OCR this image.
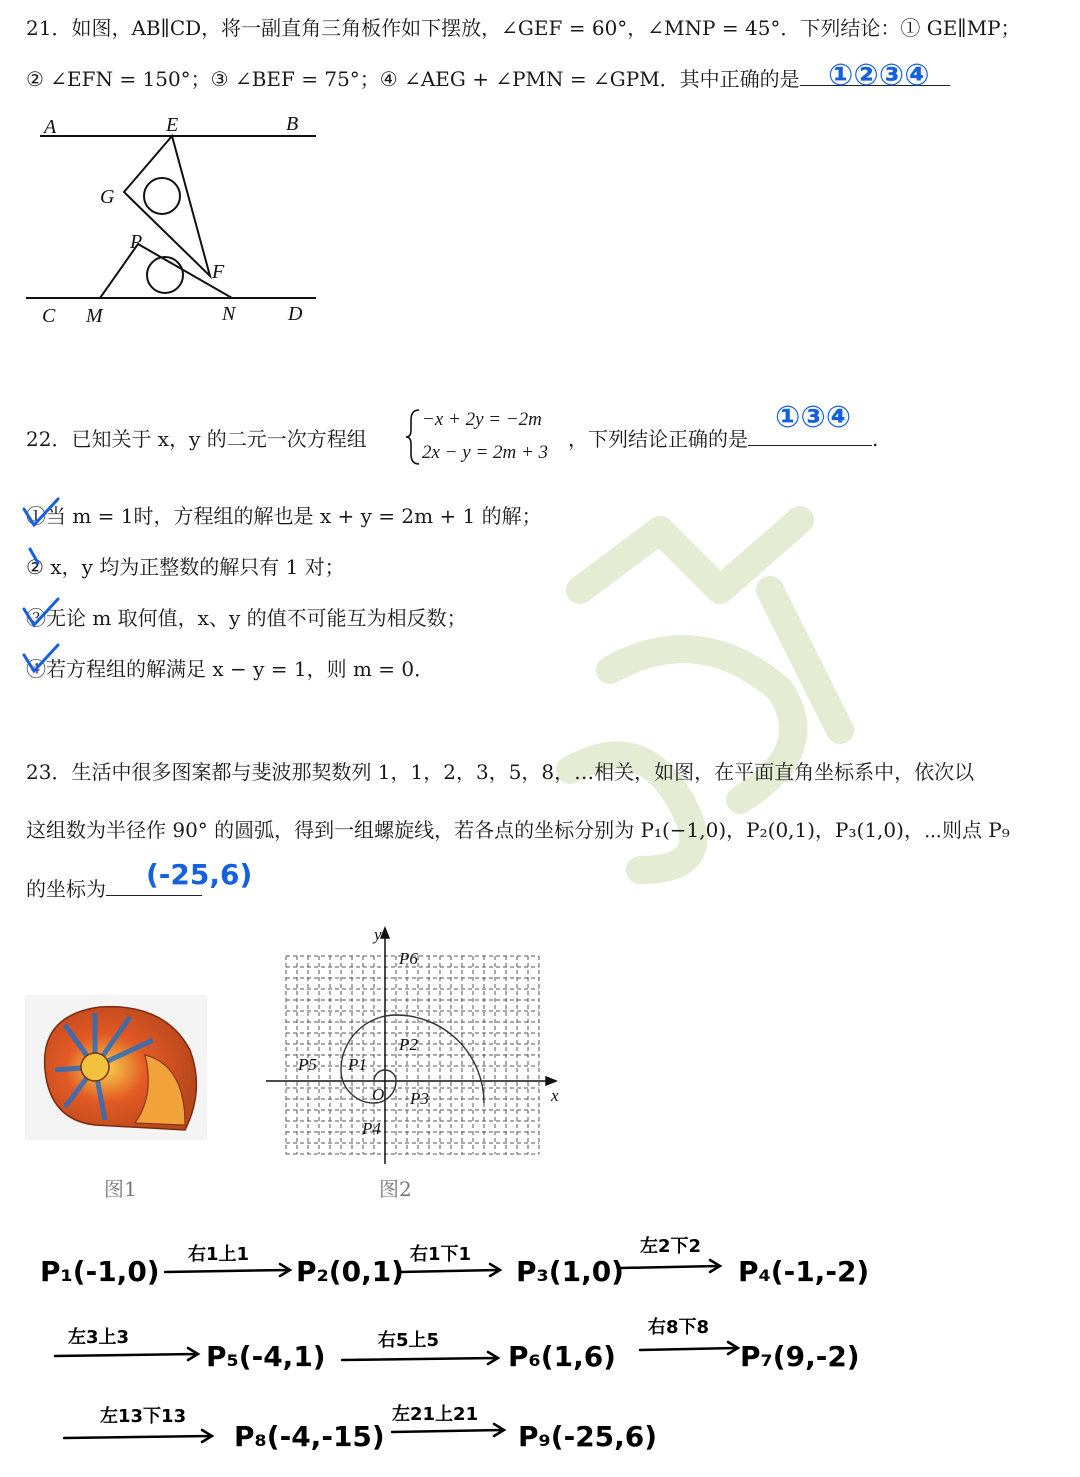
21．如图，AB∥CD，将一副直角三角板作如下摆放，∠GEF = 60°，∠MNP = 45°．下列结论：① GE∥MP；
② ∠EFN = 150°；③ ∠BEF = 75°；④ ∠AEG + ∠PMN = ∠GPM．其中正确的是 ①②③④
A	E	B
G
P
F
C M	N	D
22．已知关于 x，y 的二元一次方程组
−x + 2y = −2m
2x − y = 2m + 3
，下列结论正确的是	.
①③④
①当 m = 1时，方程组的解也是 x + y = 2m + 1 的解；
② x，y 均为正整数的解只有 1 对；
③无论 m 取何值，x、y 的值不可能互为相反数；
④若方程组的解满足 x − y = 1，则 m = 0．
23．生活中很多图案都与斐波那契数列 1，1，2，3，5，8，…相关，如图，在平面直角坐标系中，依次以
这组数为半径作 90° 的圆弧，得到一组螺旋线，若各点的坐标分别为 P₁(−1,0)，P₂(0,1)，P₃(1,0)，⋯则点 P₉
的坐标为	(-25,6)
图1
x
y
O
P1
P2
P3
P4
P5
P6
图2
P₁(-1,0)
右1上1
P₂(0,1)
右1下1
P₃(1,0)
左2下2
P₄(-1,-2)
左3上3
P₅(-4,1)	右5上5 P₆(1,6)
右8下8
P₇(9,-2)
左13下13
P₈(-4,-15)
左21上21
P₉(-25,6)
